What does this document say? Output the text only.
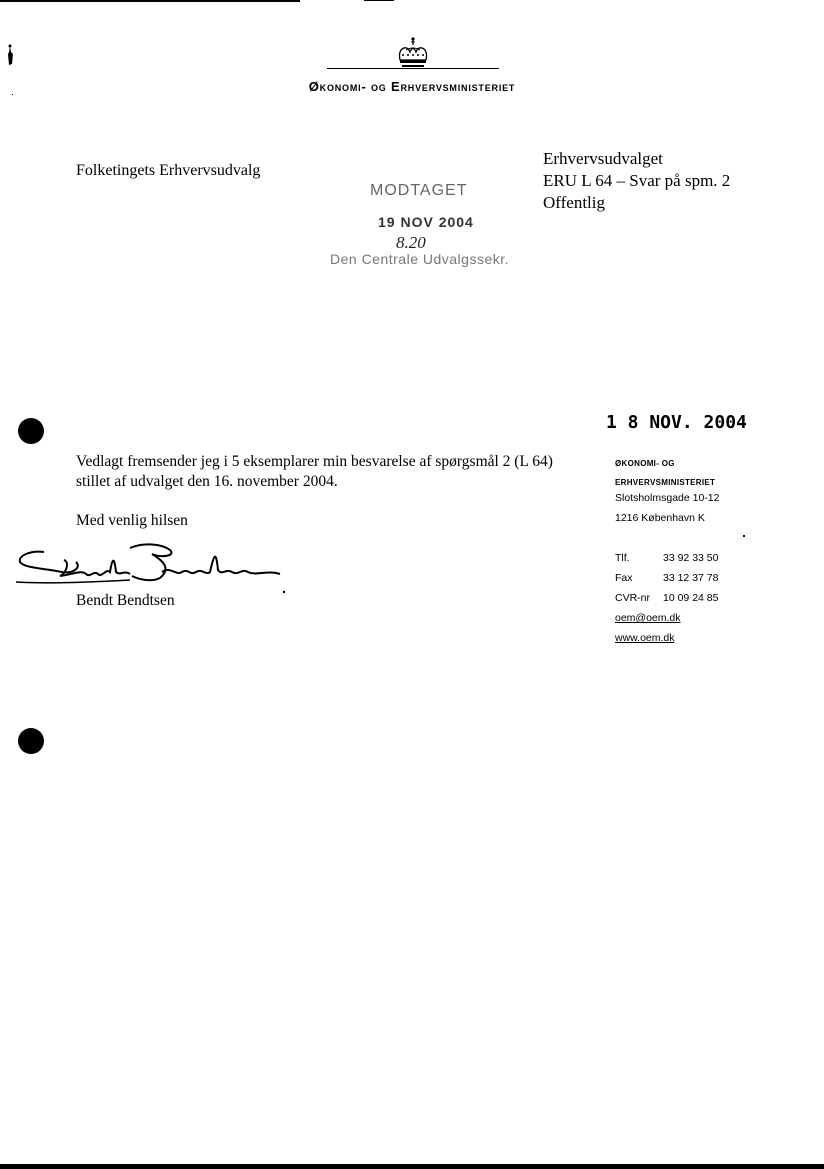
Økonomi- og Erhvervsministeriet
Folketingets Erhvervsudvalg
Erhvervsudvalget
ERU L 64 – Svar på spm. 2
Offentlig
MODTAGET
19 NOV 2004
8.20
Den Centrale Udvalgssekr.
1 8 NOV. 2004
Vedlagt fremsender jeg i 5 eksemplarer min besvarelse af spørgsmål 2 (L 64) stillet af udvalget den 16. november 2004.
Med venlig hilsen
Bendt Bendtsen
ØKONOMI- OG
ERHVERVSMINISTERIET
Slotsholmsgade 10-12
1216 København K
Tlf.	33 92 33 50
Fax	33 12 37 78
CVR-nr 10 09 24 85
oem@oem.dk
www.oem.dk
